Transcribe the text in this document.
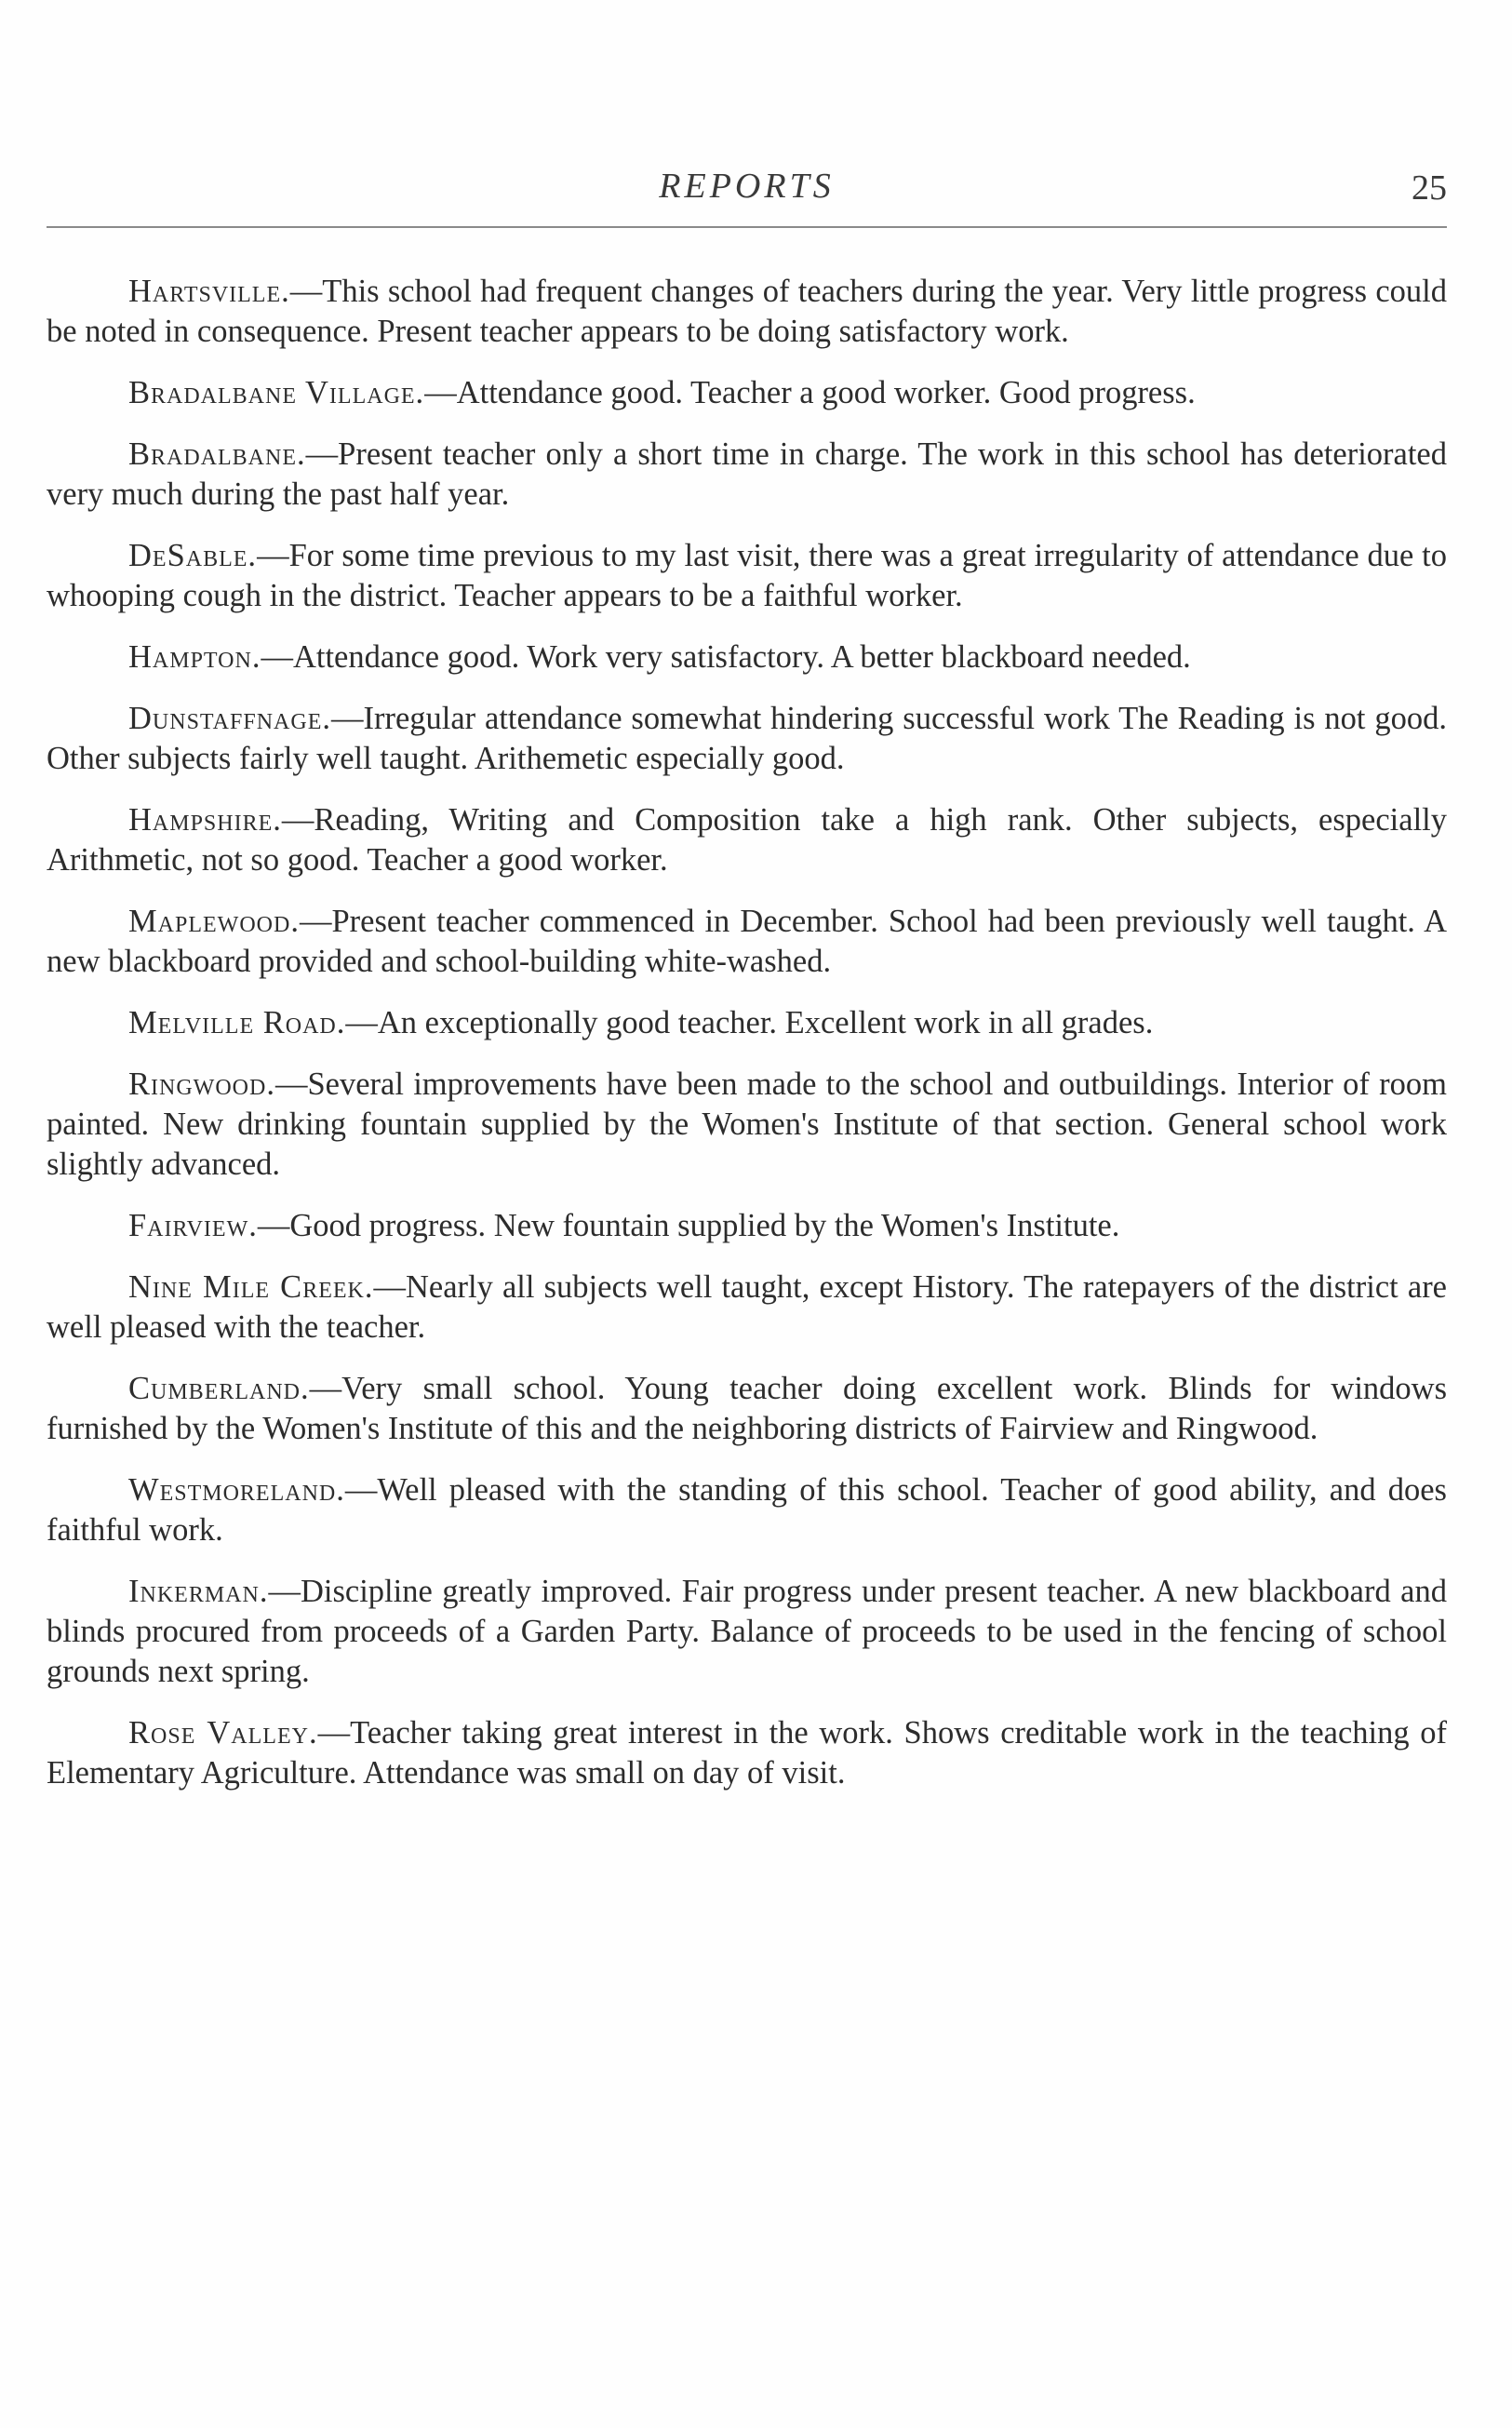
REPORTS	25

Hartsville.—This school had frequent changes of teachers during the year. Very little progress could be noted in consequence. Present teacher appears to be doing satisfactory work.

Bradalbane Village.—Attendance good. Teacher a good worker. Good progress.

Bradalbane.—Present teacher only a short time in charge. The work in this school has deteriorated very much during the past half year.

DeSable.—For some time previous to my last visit, there was a great irregularity of attendance due to whooping cough in the district. Teacher appears to be a faithful worker.

Hampton.—Attendance good. Work very satisfactory. A better blackboard needed.

Dunstaffnage.—Irregular attendance somewhat hindering successful work The Reading is not good. Other subjects fairly well taught. Arithemetic especially good.

Hampshire.—Reading, Writing and Composition take a high rank. Other subjects, especially Arithmetic, not so good. Teacher a good worker.

Maplewood.—Present teacher commenced in December. School had been previously well taught. A new blackboard provided and school-building white-washed.

Melville Road.—An exceptionally good teacher. Excellent work in all grades.

Ringwood.—Several improvements have been made to the school and outbuildings. Interior of room painted. New drinking fountain supplied by the Women's Institute of that section. General school work slightly advanced.

Fairview.—Good progress. New fountain supplied by the Women's Institute.

Nine Mile Creek.—Nearly all subjects well taught, except History. The ratepayers of the district are well pleased with the teacher.

Cumberland.—Very small school. Young teacher doing excellent work. Blinds for windows furnished by the Women's Institute of this and the neighboring districts of Fairview and Ringwood.

Westmoreland.—Well pleased with the standing of this school. Teacher of good ability, and does faithful work.

Inkerman.—Discipline greatly improved. Fair progress under present teacher. A new blackboard and blinds procured from proceeds of a Garden Party. Balance of proceeds to be used in the fencing of school grounds next spring.

Rose Valley.—Teacher taking great interest in the work. Shows creditable work in the teaching of Elementary Agriculture. Attendance was small on day of visit.
